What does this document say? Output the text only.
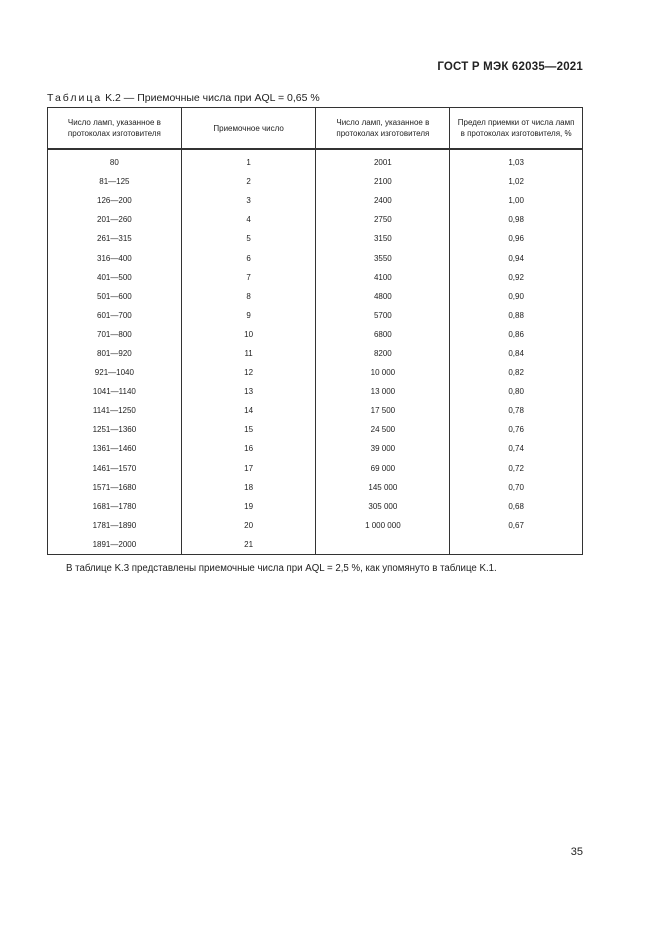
ГОСТ Р МЭК 62035—2021
Таблица K.2 — Приемочные числа при AQL = 0,65 %
Число ламп, указанное в протоколах изготовителя	Приемочное число	Число ламп, указанное в протоколах изготовителя	Предел приемки от числа ламп в протоколах изготовителя, %
80	1	2001	1,03
81—125	2	2100	1,02
126—200	3	2400	1,00
201—260	4	2750	0,98
261—315	5	3150	0,96
316—400	6	3550	0,94
401—500	7	4100	0,92
501—600	8	4800	0,90
601—700	9	5700	0,88
701—800	10	6800	0,86
801—920	11	8200	0,84
921—1040	12	10 000	0,82
1041—1140	13	13 000	0,80
1141—1250	14	17 500	0,78
1251—1360	15	24 500	0,76
1361—1460	16	39 000	0,74
1461—1570	17	69 000	0,72
1571—1680	18	145 000	0,70
1681—1780	19	305 000	0,68
1781—1890	20	1 000 000	0,67
1891—2000	21		
В таблице K.3 представлены приемочные числа при AQL = 2,5 %, как упомянуто в таблице K.1.
35
